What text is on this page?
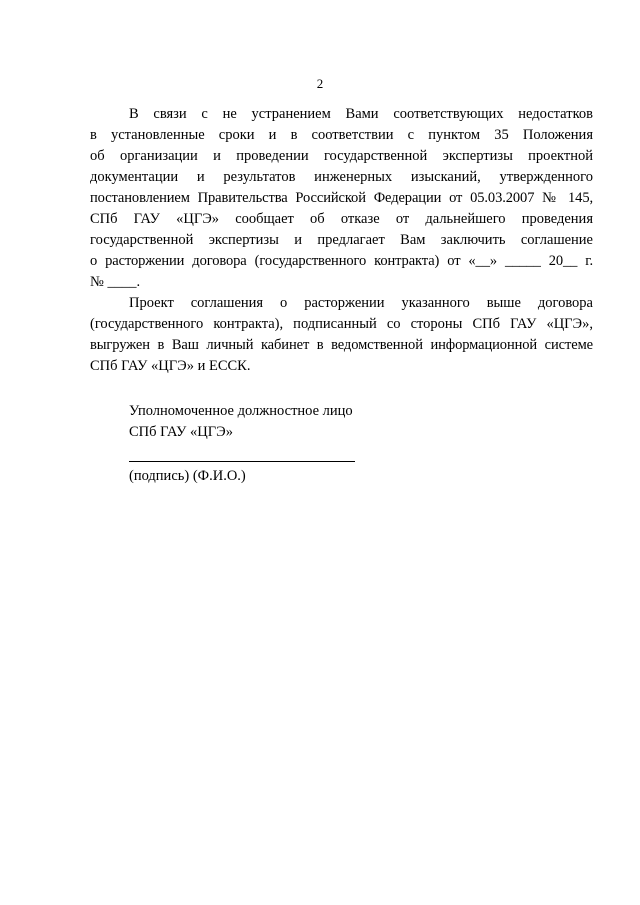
2
В связи с не устранением Вами соответствующих недостатков
в установленные сроки и в соответствии с пунктом 35 Положения
об организации и проведении государственной экспертизы проектной
документации и результатов инженерных изысканий, утвержденного
постановлением Правительства Российской Федерации от 05.03.2007 № 145,
СПб ГАУ «ЦГЭ» сообщает об отказе от дальнейшего проведения
государственной экспертизы и предлагает Вам заключить соглашение
о расторжении договора (государственного контракта) от «__» _____ 20__ г.
№ ____.
Проект соглашения о расторжении указанного выше договора
(государственного контракта), подписанный со стороны СПб ГАУ «ЦГЭ»,
выгружен в Ваш личный кабинет в ведомственной информационной системе
СПб ГАУ «ЦГЭ» и ЕССК.
Уполномоченное должностное лицо
СПб ГАУ «ЦГЭ»
(подпись) (Ф.И.О.)
